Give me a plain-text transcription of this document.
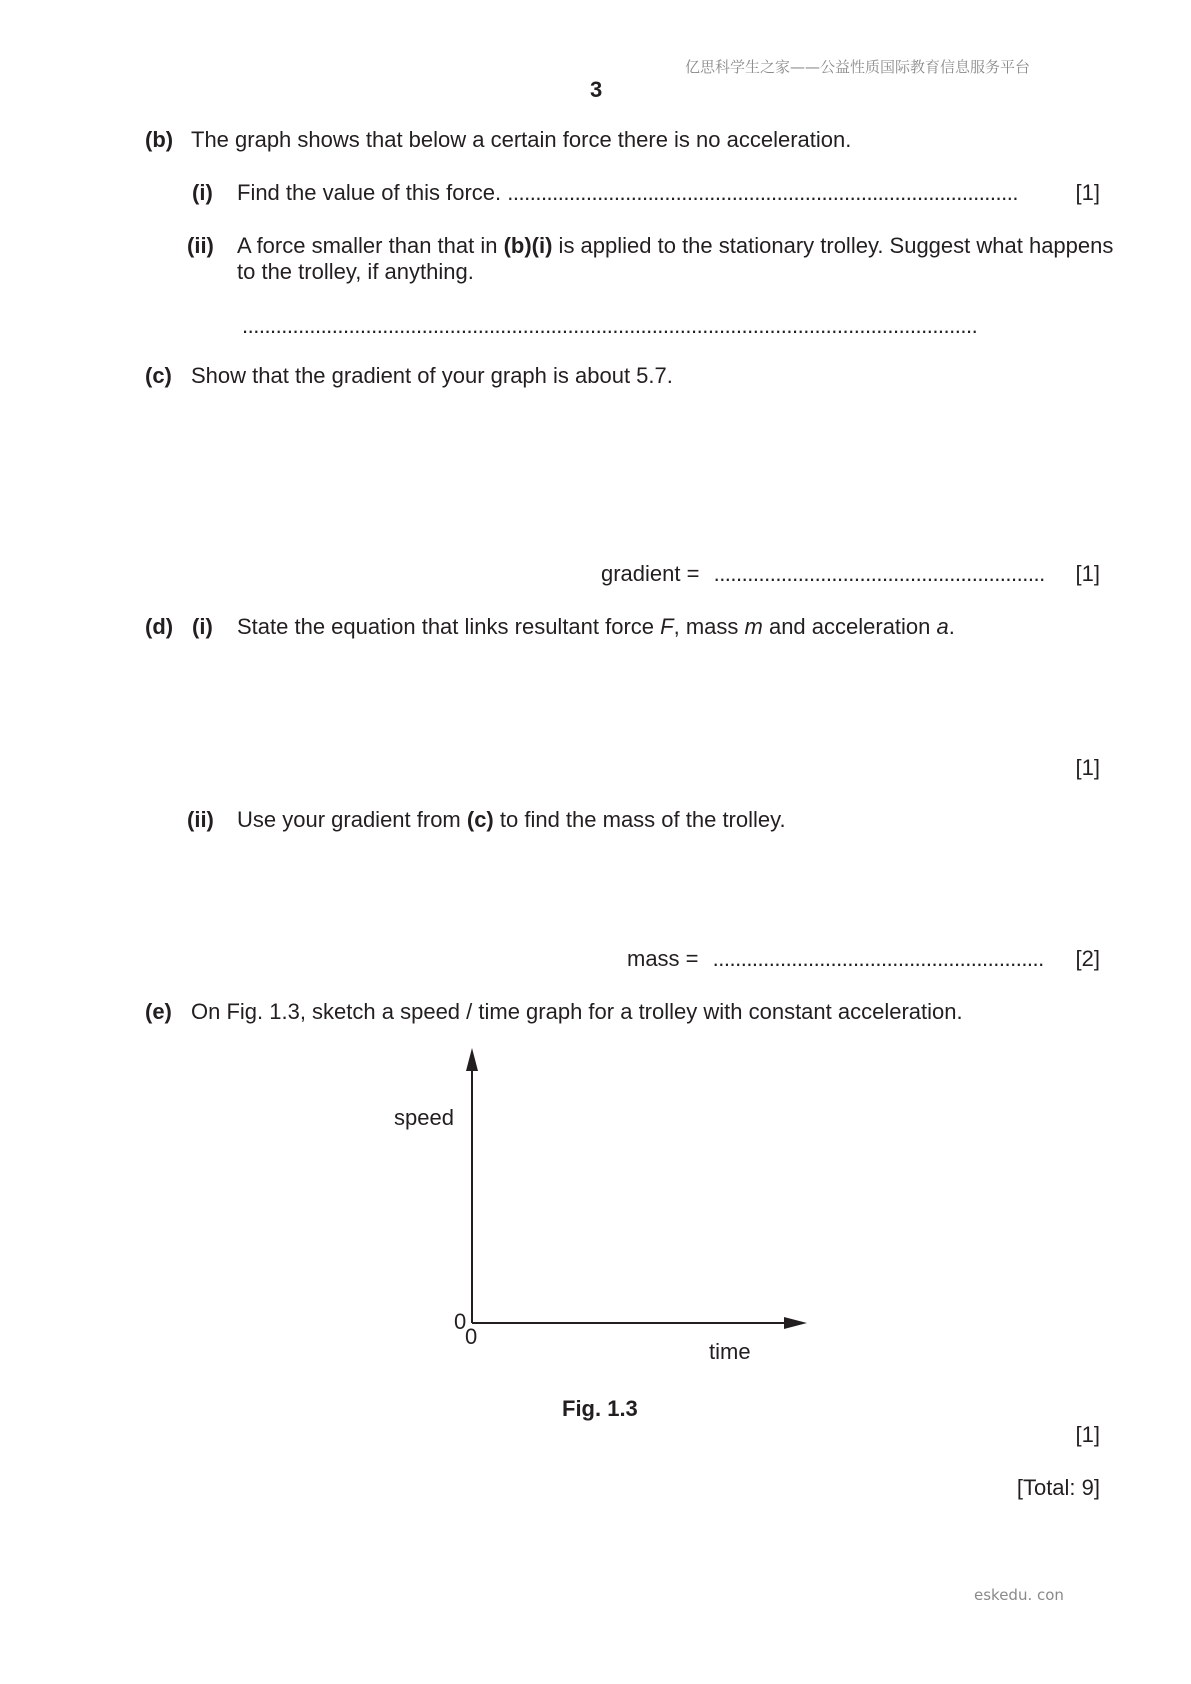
亿思科学生之家——公益性质国际教育信息服务平台
3
(b) The graph shows that below a certain force there is no acceleration.
(i) Find the value of this force. ...........................................................................................	[1]
(ii) A force smaller than that in (b)(i) is applied to the stationary trolley. Suggest what happens
to the trolley, if anything.
...................................................................................................................................
(c) Show that the gradient of your graph is about 5.7.
gradient = ...........................................................	[1]
(d) (i) State the equation that links resultant force F, mass m and acceleration a.
[1]
(ii) Use your gradient from (c) to find the mass of the trolley.
mass = ...........................................................	[2]
(e) On Fig. 1.3, sketch a speed / time graph for a trolley with constant acceleration.
speed
0
0
time
Fig. 1.3
[1]
[Total: 9]
eskedu. con
